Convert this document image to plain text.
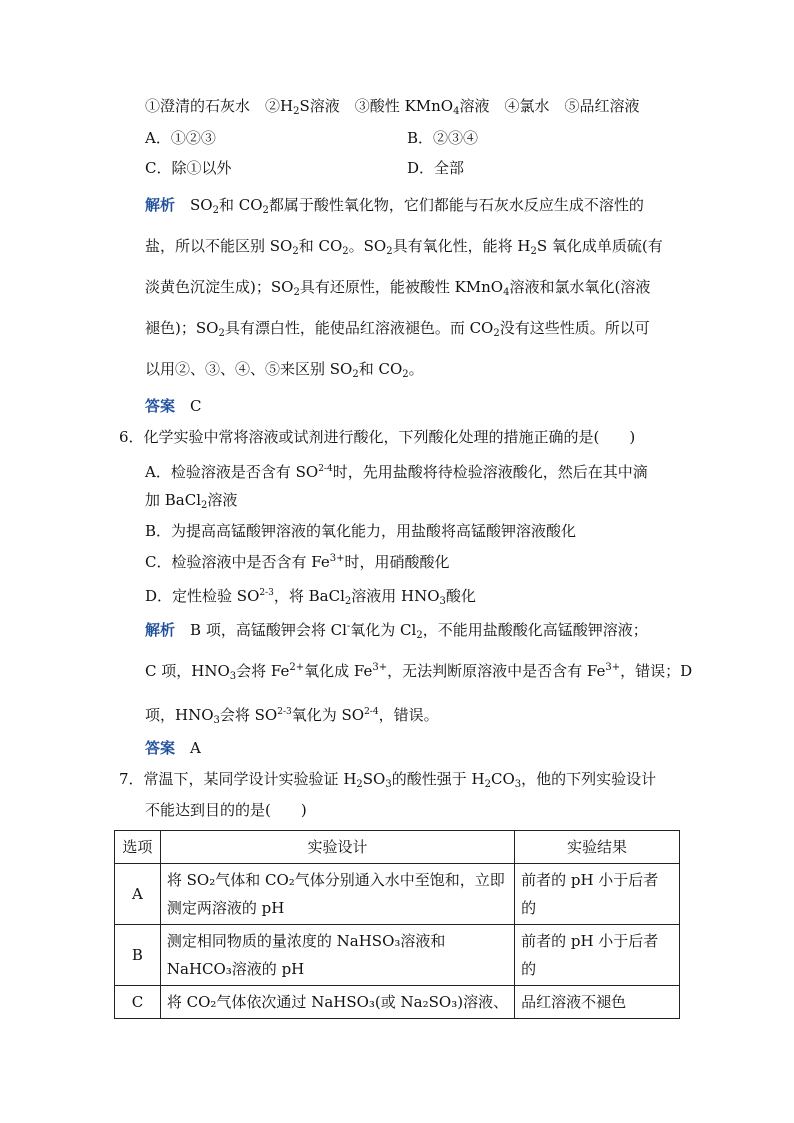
①澄清的石灰水　 $②H_2S$溶液　 ③酸性 KMnO$_4$溶液　 ④氯水　 ⑤品红溶液
A．①②③	B．②③④
C．除①以外	D．全部
解析　 $SO_2$和 $CO_2$都属于酸性氧化物，它们都能与石灰水反应生成不溶性的
盐，所以不能区别 $SO_2$和 $CO_2$。$SO_2$具有氧化性，能将 $H_2S$ 氧化成单质硫(有
淡黄色沉淀生成)；$SO_2$具有还原性，能被酸性 KMnO$_4$溶液和氯水氧化(溶液
褪色)；$SO_2$具有漂白性，能使品红溶液褪色。而 $CO_2$没有这些性质。所以可
以用②、③、④、⑤来区别 $SO_2$和 $CO_2$。
答案　 C
6．化学实验中常将溶液或试剂进行酸化，下列酸化处理的措施正确的是(　　)
A．检验溶液是否含有 SO$^{2-4}$时，先用盐酸将待检验溶液酸化，然后在其中滴
加 BaCl$_2$溶液
B．为提高高锰酸钾溶液的氧化能力，用盐酸将高锰酸钾溶液酸化
C．检验溶液中是否含有 $Fe^{3+}$时，用硝酸酸化
D．定性检验 SO$^{2-3}$，将 BaCl$_2$溶液用 $HNO_3$酸化
解析　 B 项，高锰酸钾会将 Cl-氧化为 $Cl_2$，不能用盐酸酸化高锰酸钾溶液；
C 项，$HNO_3$会将 $Fe^{2+}$氧化成 $Fe^{3+}$，无法判断原溶液中是否含有 $Fe^{3+}$，错误；D
项，$HNO_3$会将 SO$^{2-3}$氧化为 SO$^{2-4}$，错误。
答案　 A
7．常温下，某同学设计实验验证 $H_2SO_3$的酸性强于 $H_2CO_3$，他的下列实验设计
不能达到目的的是(　　)
选项	实验设计	实验结果
A	将 SO₂气体和 CO₂气体分别通入水中至饱和，立即测定两溶液的 pH	前者的 pH 小于后者的
B	测定相同物质的量浓度的 NaHSO₃溶液和 NaHCO₃溶液的 pH	前者的 pH 小于后者的
C	将 CO₂气体依次通过 NaHSO₃(或 Na₂SO₃)溶液、	品红溶液不褪色
